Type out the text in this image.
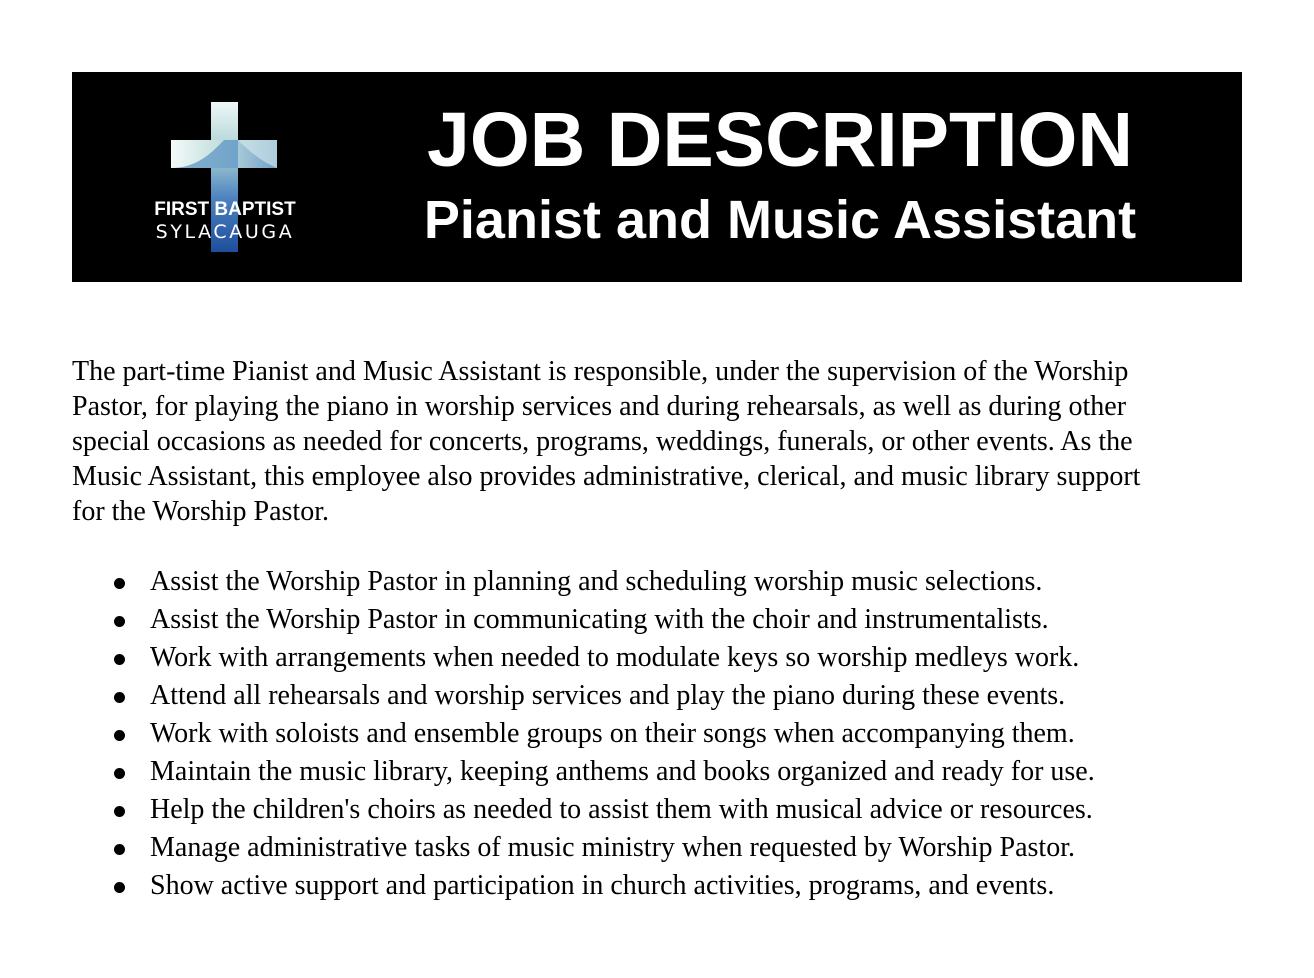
FIRST BAPTIST
SYLACAUGA
JOB DESCRIPTION
Pianist and Music Assistant

The part-time Pianist and Music Assistant is responsible, under the supervision of the Worship
Pastor, for playing the piano in worship services and during rehearsals, as well as during other
special occasions as needed for concerts, programs, weddings, funerals, or other events. As the
Music Assistant, this employee also provides administrative, clerical, and music library support
for the Worship Pastor.

Assist the Worship Pastor in planning and scheduling worship music selections.
Assist the Worship Pastor in communicating with the choir and instrumentalists.
Work with arrangements when needed to modulate keys so worship medleys work.
Attend all rehearsals and worship services and play the piano during these events.
Work with soloists and ensemble groups on their songs when accompanying them.
Maintain the music library, keeping anthems and books organized and ready for use.
Help the children's choirs as needed to assist them with musical advice or resources.
Manage administrative tasks of music ministry when requested by Worship Pastor.
Show active support and participation in church activities, programs, and events.
